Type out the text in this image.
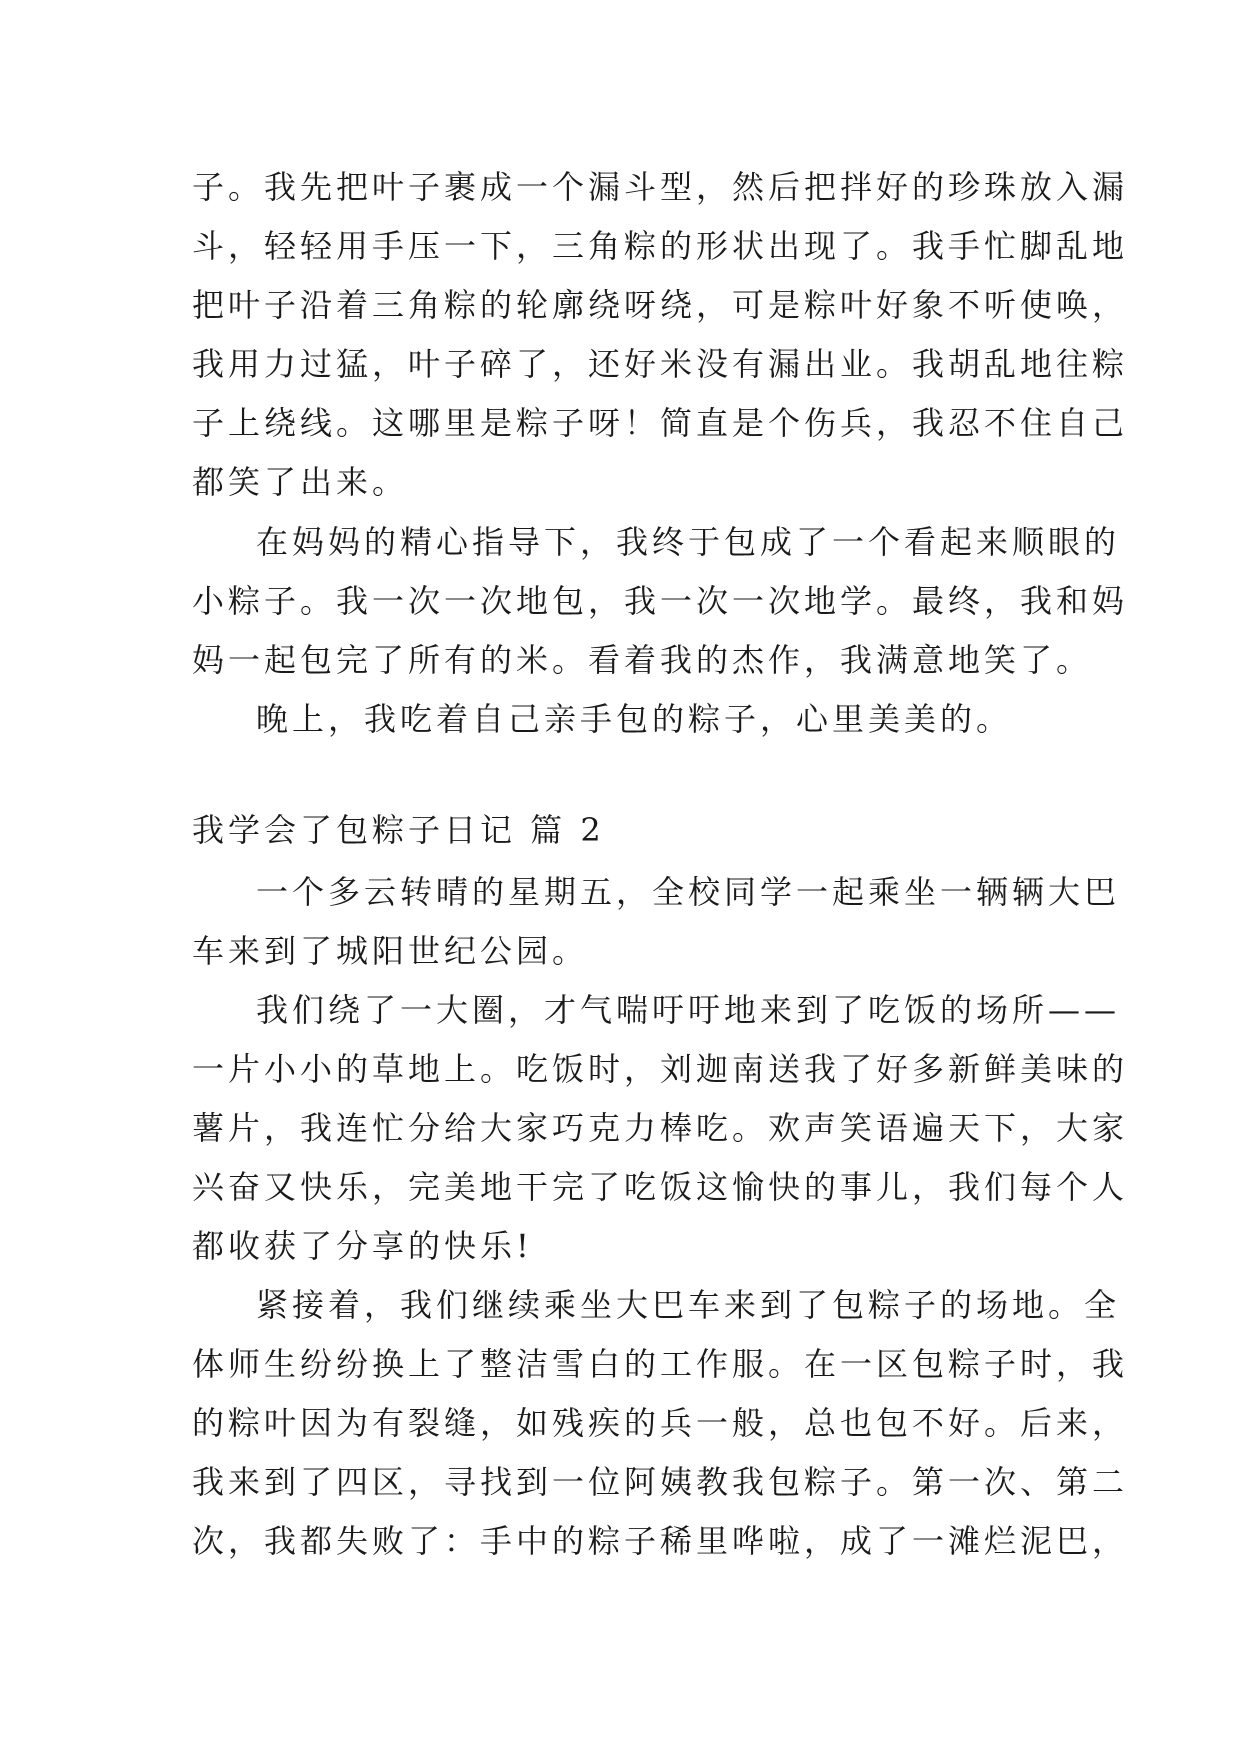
子。我先把叶子裹成一个漏斗型，然后把拌好的珍珠放入漏
斗，轻轻用手压一下，三角粽的形状出现了。我手忙脚乱地
把叶子沿着三角粽的轮廓绕呀绕，可是粽叶好象不听使唤，
我用力过猛，叶子碎了，还好米没有漏出业。我胡乱地往粽
子上绕线。这哪里是粽子呀！简直是个伤兵，我忍不住自己
都笑了出来。
在妈妈的精心指导下，我终于包成了一个看起来顺眼的
小粽子。我一次一次地包，我一次一次地学。最终，我和妈
妈一起包完了所有的米。看着我的杰作，我满意地笑了。
晚上，我吃着自己亲手包的粽子，心里美美的。
我学会了包粽子日记 篇 2
一个多云转晴的星期五，全校同学一起乘坐一辆辆大巴
车来到了城阳世纪公园。
我们绕了一大圈，才气喘吁吁地来到了吃饭的场所——
一片小小的草地上。吃饭时，刘迦南送我了好多新鲜美味的
薯片，我连忙分给大家巧克力棒吃。欢声笑语遍天下，大家
兴奋又快乐，完美地干完了吃饭这愉快的事儿，我们每个人
都收获了分享的快乐!
紧接着，我们继续乘坐大巴车来到了包粽子的场地。全
体师生纷纷换上了整洁雪白的工作服。在一区包粽子时，我
的粽叶因为有裂缝，如残疾的兵一般，总也包不好。后来，
我来到了四区，寻找到一位阿姨教我包粽子。第一次、第二
次，我都失败了：手中的粽子稀里哗啦，成了一滩烂泥巴，
